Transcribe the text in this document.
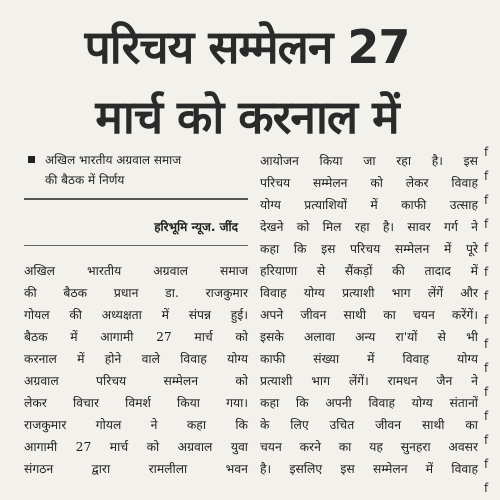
परिचय सम्मेलन 27
मार्च को करनाल में
अखिल भारतीय अग्रवाल समाज
की बैठक में निर्णय
हरिभूमि न्यूज. जींद
अखिल भारतीय अग्रवाल समाज
की बैठक प्रधान डा. राजकुमार
गोयल की अध्यक्षता में संपन्न हुई।
बैठक में आगामी 27 मार्च को
करनाल में होने वाले विवाह योग्य
अग्रवाल परिचय सम्मेलन को
लेकर विचार विमर्श किया गया।
राजकुमार गोयल ने कहा कि
आगामी 27 मार्च को अग्रवाल युवा
संगठन द्वारा रामलीला भवन
आयोजन किया जा रहा है। इस
परिचय सम्मेलन को लेकर विवाह
योग्य प्रत्याशियों में काफी उत्साह
देखने को मिल रहा है। सावर गर्ग ने
कहा कि इस परिचय सम्मेलन में पूरे
हरियाणा से सैंकड़ों की तादाद में
विवाह योग्य प्रत्याशी भाग लेंगें और
अपने जीवन साथी का चयन करेंगें।
इसके अलावा अन्य रा'यों से भी
काफी संख्या में विवाह योग्य
प्रत्याशी भाग लेंगें। रामधन जैन ने
कहा कि अपनी विवाह योग्य संतानों
के लिए उचित जीवन साथी का
चयन करने का यह सुनहरा अवसर
है। इसलिए इस सम्मेलन में विवाह
f
f
f
f
f
f
f
f
f
f
f
f
f
f
f
